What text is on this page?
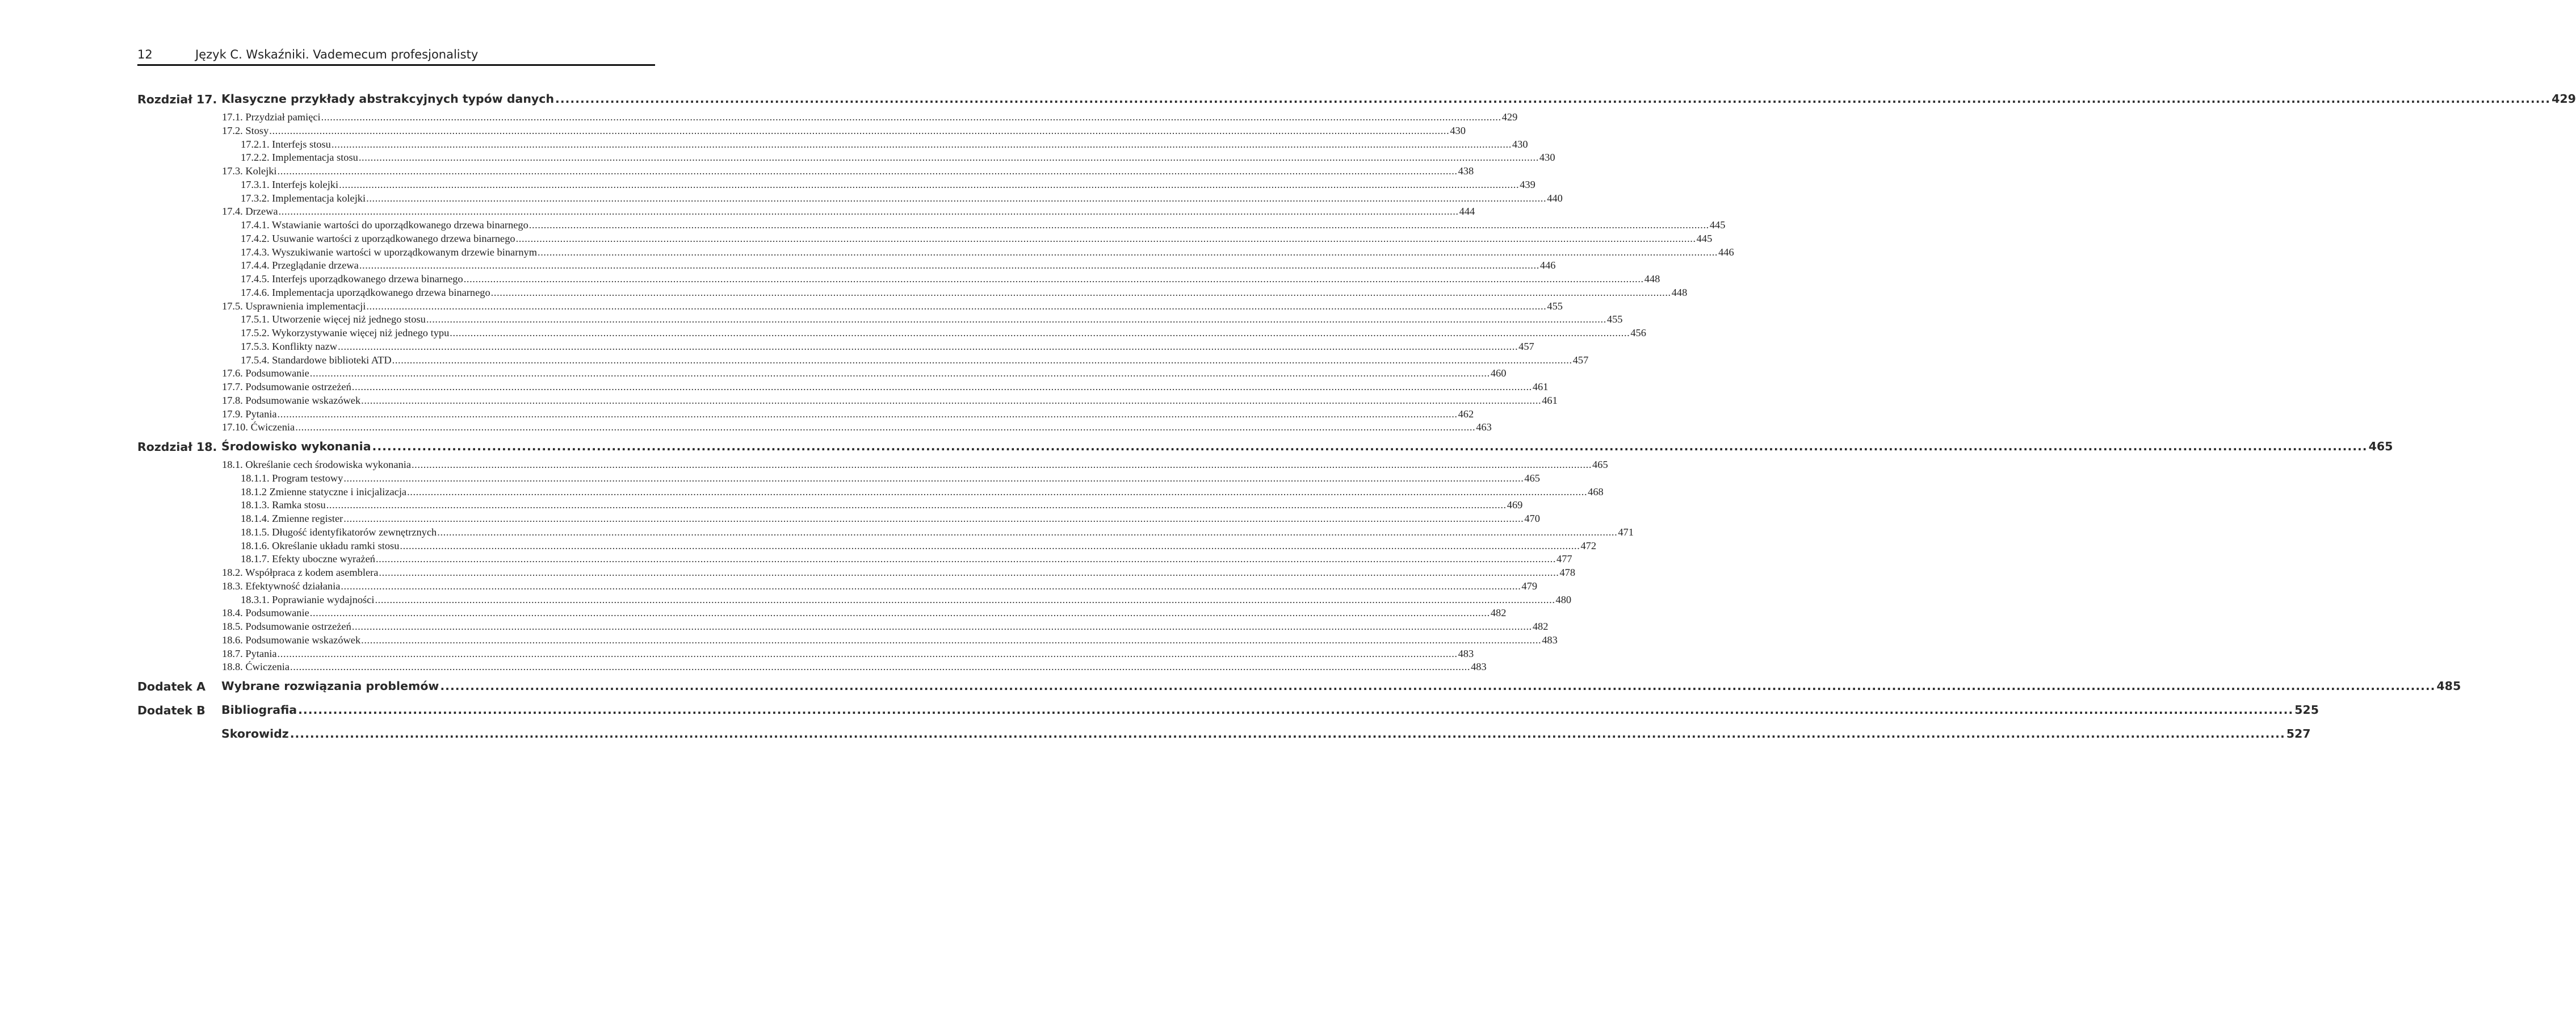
12	Język C. Wskaźniki. Vademecum profesjonalisty
Rozdział 17. Klasyczne przykłady abstrakcyjnych typów danych ................................................................................................................................................................................................................................................................................................................................................................................................................ 429
17.1. Przydział pamięci ................................................................................................................................................................................................................................................................................................................................................................................................................ 429
17.2. Stosy ................................................................................................................................................................................................................................................................................................................................................................................................................ 430
17.2.1. Interfejs stosu ................................................................................................................................................................................................................................................................................................................................................................................................................ 430
17.2.2. Implementacja stosu ................................................................................................................................................................................................................................................................................................................................................................................................................ 430
17.3. Kolejki ................................................................................................................................................................................................................................................................................................................................................................................................................ 438
17.3.1. Interfejs kolejki ................................................................................................................................................................................................................................................................................................................................................................................................................ 439
17.3.2. Implementacja kolejki ................................................................................................................................................................................................................................................................................................................................................................................................................ 440
17.4. Drzewa ................................................................................................................................................................................................................................................................................................................................................................................................................ 444
17.4.1. Wstawianie wartości do uporządkowanego drzewa binarnego ................................................................................................................................................................................................................................................................................................................................................................................................................ 445
17.4.2. Usuwanie wartości z uporządkowanego drzewa binarnego ................................................................................................................................................................................................................................................................................................................................................................................................................ 445
17.4.3. Wyszukiwanie wartości w uporządkowanym drzewie binarnym ................................................................................................................................................................................................................................................................................................................................................................................................................ 446
17.4.4. Przeglądanie drzewa ................................................................................................................................................................................................................................................................................................................................................................................................................ 446
17.4.5. Interfejs uporządkowanego drzewa binarnego ................................................................................................................................................................................................................................................................................................................................................................................................................ 448
17.4.6. Implementacja uporządkowanego drzewa binarnego ................................................................................................................................................................................................................................................................................................................................................................................................................ 448
17.5. Usprawnienia implementacji ................................................................................................................................................................................................................................................................................................................................................................................................................ 455
17.5.1. Utworzenie więcej niż jednego stosu ................................................................................................................................................................................................................................................................................................................................................................................................................ 455
17.5.2. Wykorzystywanie więcej niż jednego typu ................................................................................................................................................................................................................................................................................................................................................................................................................ 456
17.5.3. Konflikty nazw ................................................................................................................................................................................................................................................................................................................................................................................................................ 457
17.5.4. Standardowe biblioteki ATD ................................................................................................................................................................................................................................................................................................................................................................................................................ 457
17.6. Podsumowanie ................................................................................................................................................................................................................................................................................................................................................................................................................ 460
17.7. Podsumowanie ostrzeżeń ................................................................................................................................................................................................................................................................................................................................................................................................................ 461
17.8. Podsumowanie wskazówek ................................................................................................................................................................................................................................................................................................................................................................................................................ 461
17.9. Pytania ................................................................................................................................................................................................................................................................................................................................................................................................................ 462
17.10. Ćwiczenia ................................................................................................................................................................................................................................................................................................................................................................................................................ 463
Rozdział 18. Środowisko wykonania ................................................................................................................................................................................................................................................................................................................................................................................................................ 465
18.1. Określanie cech środowiska wykonania ................................................................................................................................................................................................................................................................................................................................................................................................................ 465
18.1.1. Program testowy ................................................................................................................................................................................................................................................................................................................................................................................................................ 465
18.1.2 Zmienne statyczne i inicjalizacja ................................................................................................................................................................................................................................................................................................................................................................................................................ 468
18.1.3. Ramka stosu ................................................................................................................................................................................................................................................................................................................................................................................................................ 469
18.1.4. Zmienne register ................................................................................................................................................................................................................................................................................................................................................................................................................ 470
18.1.5. Długość identyfikatorów zewnętrznych ................................................................................................................................................................................................................................................................................................................................................................................................................ 471
18.1.6. Określanie układu ramki stosu ................................................................................................................................................................................................................................................................................................................................................................................................................ 472
18.1.7. Efekty uboczne wyrażeń ................................................................................................................................................................................................................................................................................................................................................................................................................ 477
18.2. Współpraca z kodem asemblera ................................................................................................................................................................................................................................................................................................................................................................................................................ 478
18.3. Efektywność działania ................................................................................................................................................................................................................................................................................................................................................................................................................ 479
18.3.1. Poprawianie wydajności ................................................................................................................................................................................................................................................................................................................................................................................................................ 480
18.4. Podsumowanie ................................................................................................................................................................................................................................................................................................................................................................................................................ 482
18.5. Podsumowanie ostrzeżeń ................................................................................................................................................................................................................................................................................................................................................................................................................ 482
18.6. Podsumowanie wskazówek ................................................................................................................................................................................................................................................................................................................................................................................................................ 483
18.7. Pytania ................................................................................................................................................................................................................................................................................................................................................................................................................ 483
18.8. Ćwiczenia ................................................................................................................................................................................................................................................................................................................................................................................................................ 483
Dodatek A	Wybrane rozwiązania problemów ................................................................................................................................................................................................................................................................................................................................................................................................................ 485
Dodatek B	Bibliografia ................................................................................................................................................................................................................................................................................................................................................................................................................ 525
Skorowidz ................................................................................................................................................................................................................................................................................................................................................................................................................ 527
